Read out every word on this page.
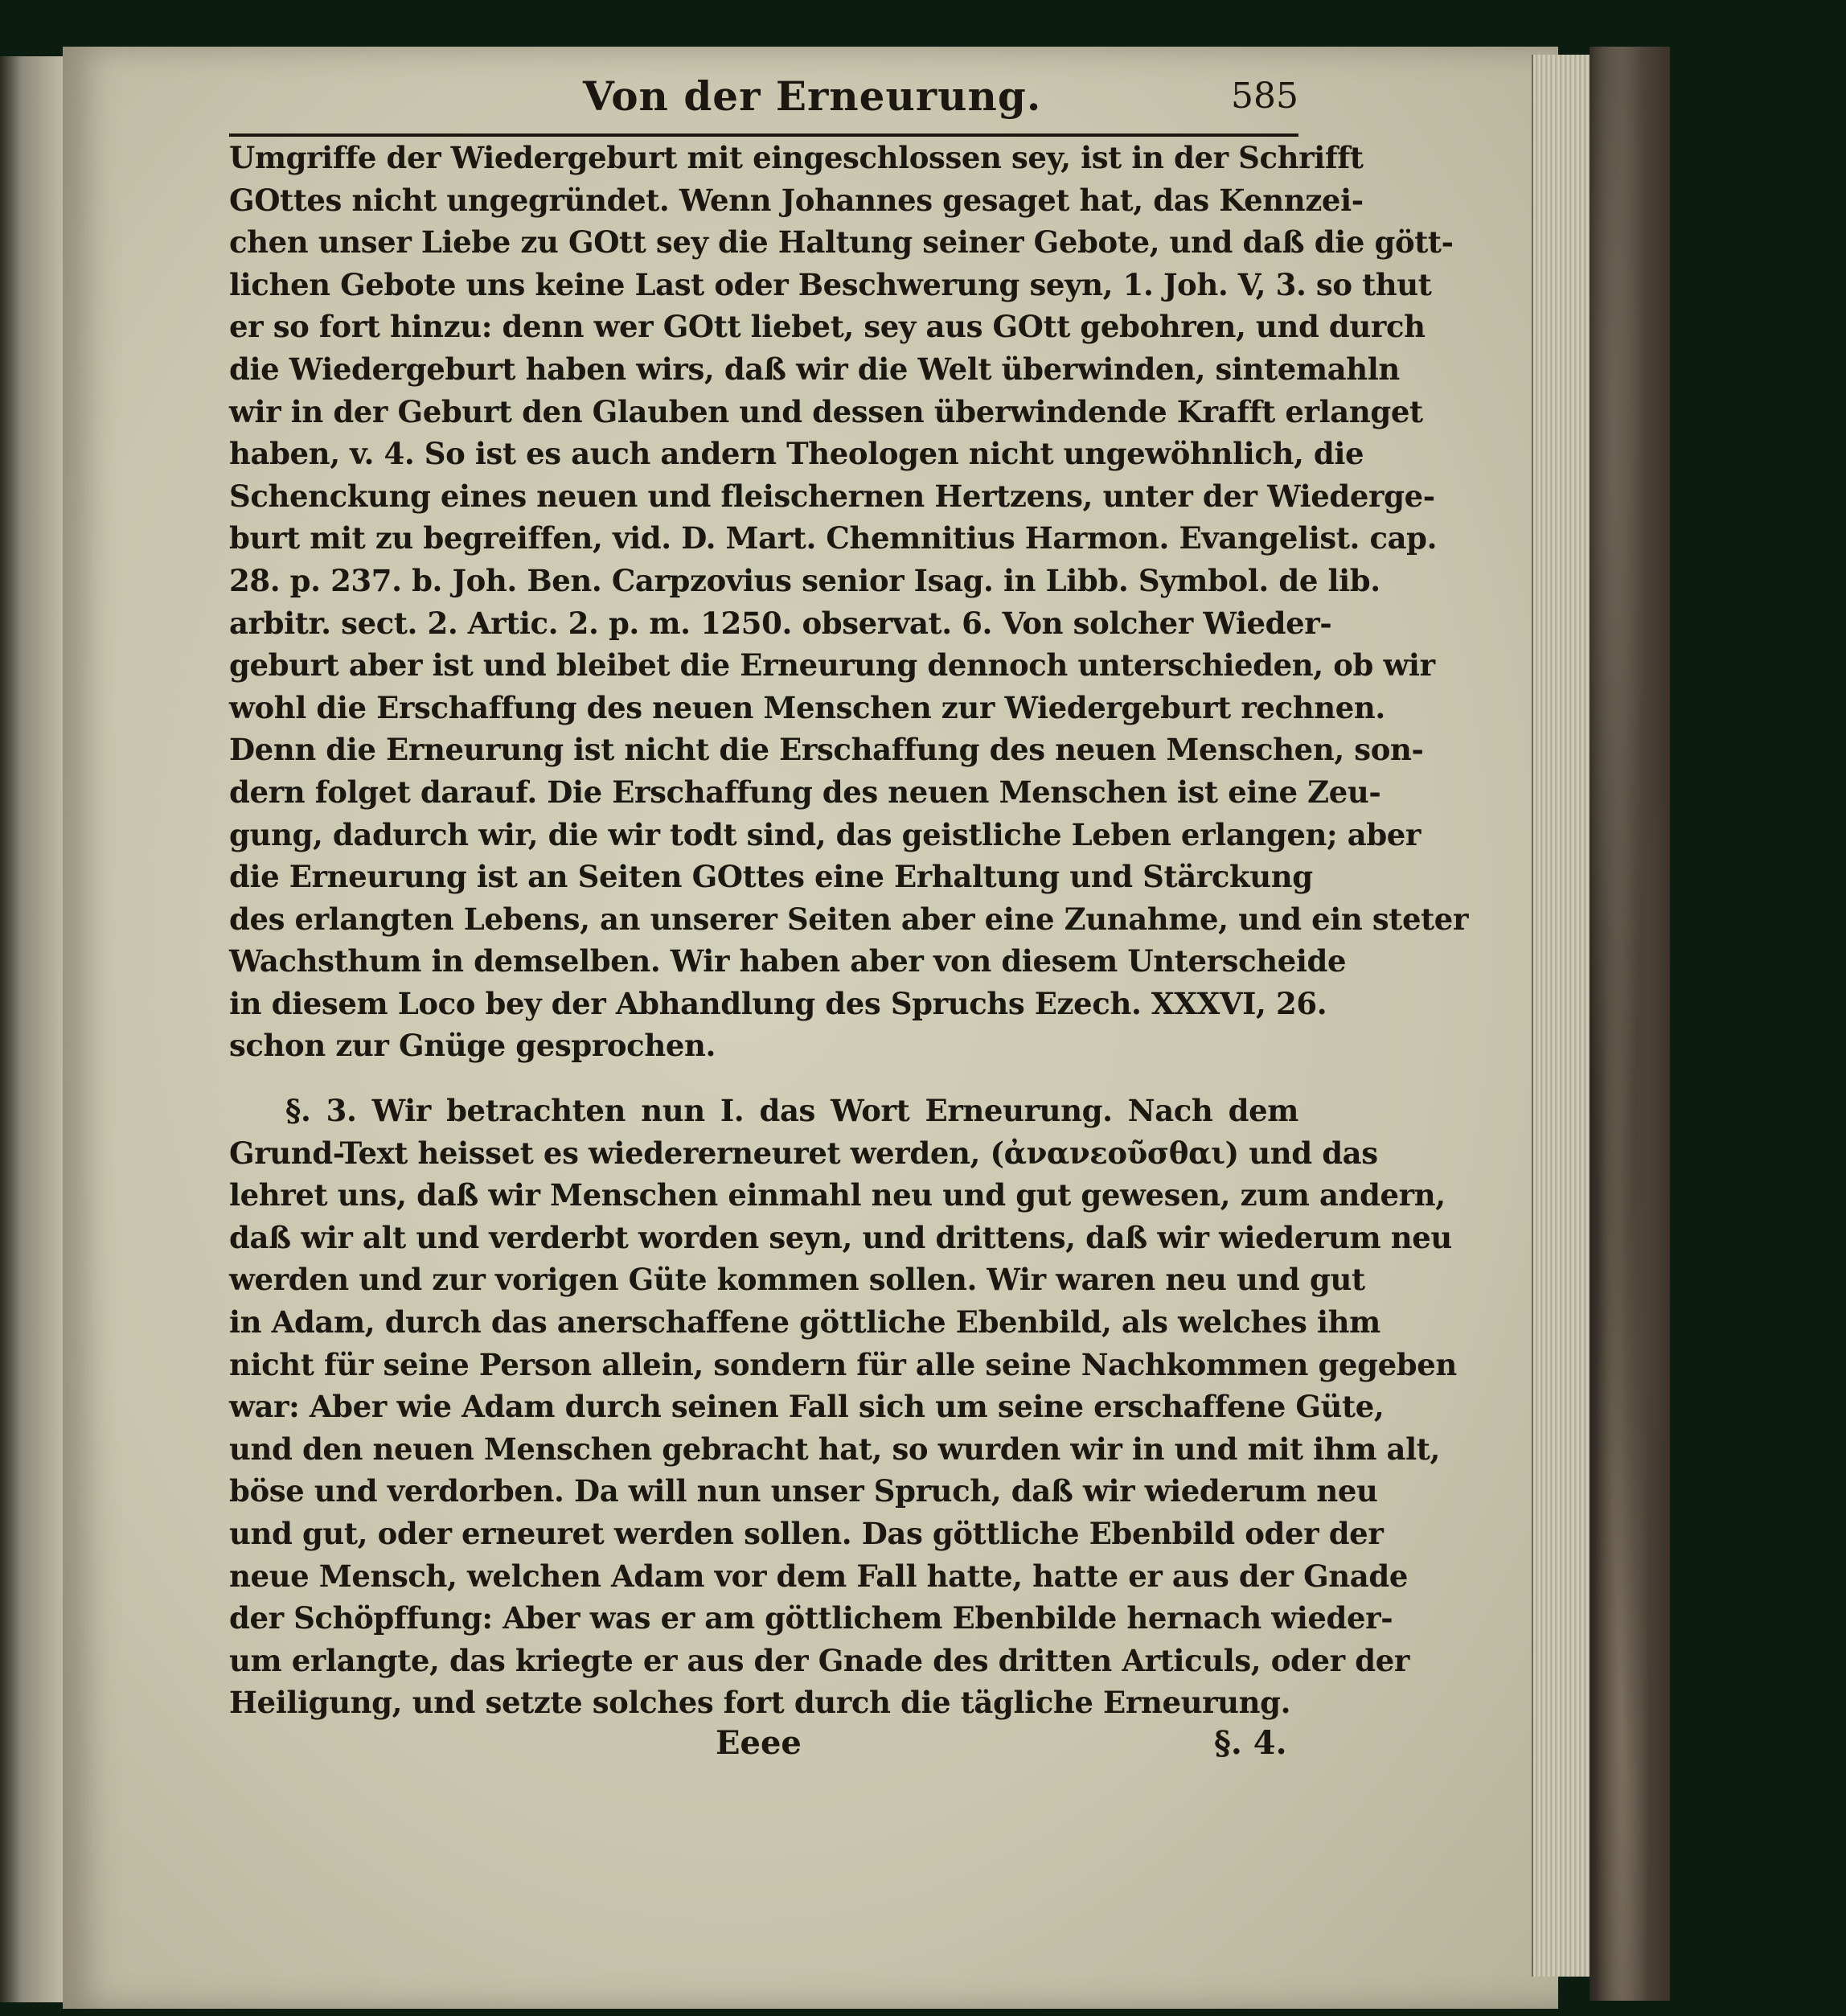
Von der Erneurung.	585
Umgriffe der Wiedergeburt mit eingeschlossen sey, ist in der Schrifft
GOttes nicht ungegründet. Wenn Johannes gesaget hat, das Kennzei-
chen unser Liebe zu GOtt sey die Haltung seiner Gebote, und daß die gött-
lichen Gebote uns keine Last oder Beschwerung seyn, 1. Joh. V, 3. so thut
er so fort hinzu: denn wer GOtt liebet, sey aus GOtt gebohren, und durch
die Wiedergeburt haben wirs, daß wir die Welt überwinden, sintemahln
wir in der Geburt den Glauben und dessen überwindende Krafft erlanget
haben, v. 4. So ist es auch andern Theologen nicht ungewöhnlich, die
Schenckung eines neuen und fleischernen Hertzens, unter der Wiederge-
burt mit zu begreiffen, vid. D. Mart. Chemnitius Harmon. Evangelist. cap.
28. p. 237. b. Joh. Ben. Carpzovius senior Isag. in Libb. Symbol. de lib.
arbitr. sect. 2. Artic. 2. p. m. 1250. observat. 6. Von solcher Wieder-
geburt aber ist und bleibet die Erneurung dennoch unterschieden, ob wir
wohl die Erschaffung des neuen Menschen zur Wiedergeburt rechnen.
Denn die Erneurung ist nicht die Erschaffung des neuen Menschen, son-
dern folget darauf. Die Erschaffung des neuen Menschen ist eine Zeu-
gung, dadurch wir, die wir todt sind, das geistliche Leben erlangen; aber
die Erneurung ist an Seiten GOttes eine Erhaltung und Stärckung
des erlangten Lebens, an unserer Seiten aber eine Zunahme, und ein steter
Wachsthum in demselben. Wir haben aber von diesem Unterscheide
in diesem Loco bey der Abhandlung des Spruchs Ezech. XXXVI, 26.
schon zur Gnüge gesprochen.
§. 3. Wir betrachten nun I. das Wort Erneurung. Nach dem
Grund-Text heisset es wiedererneuret werden, (ἀνανεοῦσθαι) und das
lehret uns, daß wir Menschen einmahl neu und gut gewesen, zum andern,
daß wir alt und verderbt worden seyn, und drittens, daß wir wiederum neu
werden und zur vorigen Güte kommen sollen. Wir waren neu und gut
in Adam, durch das anerschaffene göttliche Ebenbild, als welches ihm
nicht für seine Person allein, sondern für alle seine Nachkommen gegeben
war: Aber wie Adam durch seinen Fall sich um seine erschaffene Güte,
und den neuen Menschen gebracht hat, so wurden wir in und mit ihm alt,
böse und verdorben. Da will nun unser Spruch, daß wir wiederum neu
und gut, oder erneuret werden sollen. Das göttliche Ebenbild oder der
neue Mensch, welchen Adam vor dem Fall hatte, hatte er aus der Gnade
der Schöpffung: Aber was er am göttlichem Ebenbilde hernach wieder-
um erlangte, das kriegte er aus der Gnade des dritten Articuls, oder der
Heiligung, und setzte solches fort durch die tägliche Erneurung.
Eeee	§. 4.
